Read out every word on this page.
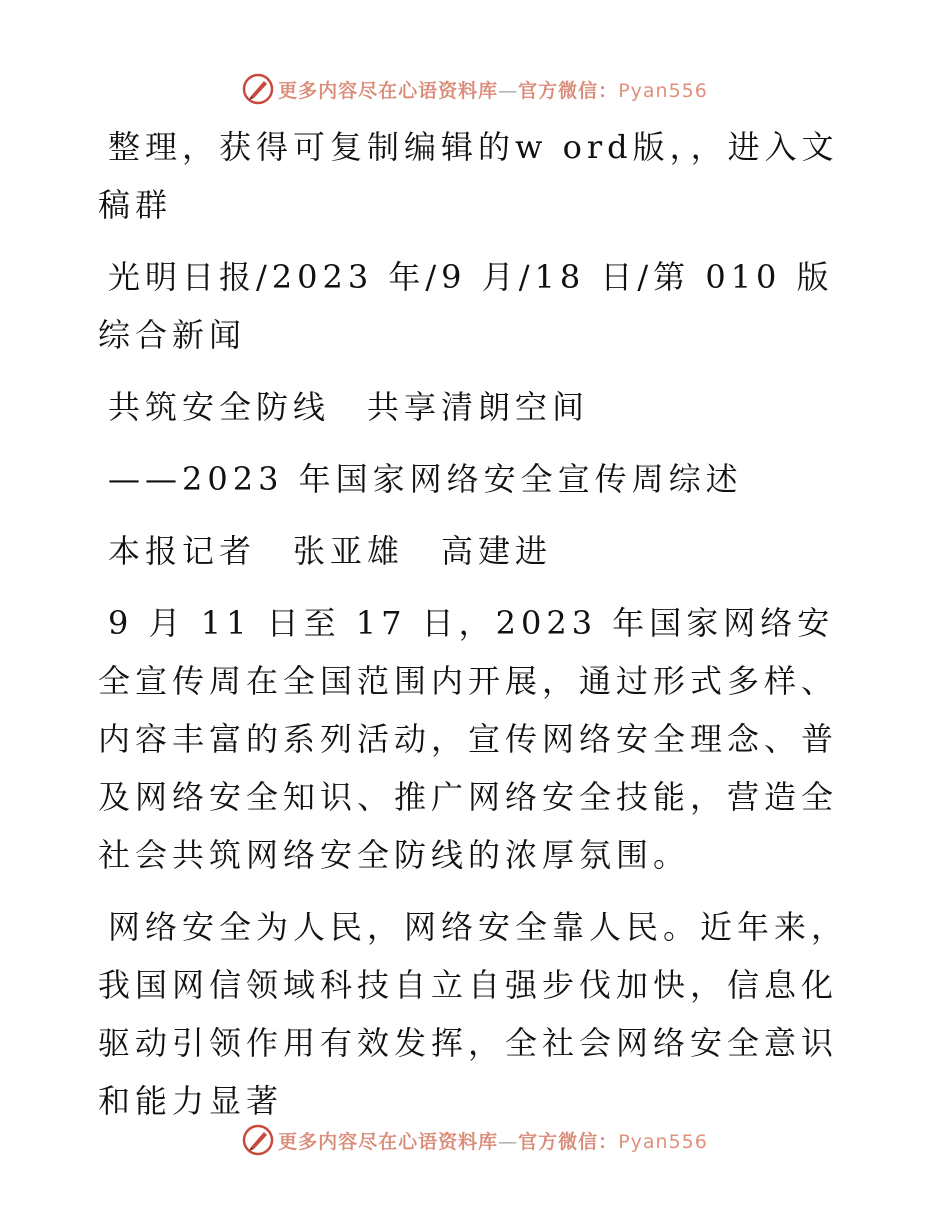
更多内容尽在心语资料库—官方微信：Pyan556

整理，获得可复制编辑的w ord版，，进入文稿群

光明日报/2023 年/9 月/18 日/第 010 版综合新闻

共筑安全防线　共享清朗空间

——2023 年国家网络安全宣传周综述

本报记者　张亚雄　高建进

9 月 11 日至 17 日，2023 年国家网络安全宣传周在全国范围内开展，通过形式多样、内容丰富的系列活动，宣传网络安全理念、普及网络安全知识、推广网络安全技能，营造全社会共筑网络安全防线的浓厚氛围。

网络安全为人民，网络安全靠人民。近年来，我国网信领域科技自立自强步伐加快，信息化驱动引领作用有效发挥，全社会网络安全意识和能力显著

更多内容尽在心语资料库—官方微信：Pyan556
